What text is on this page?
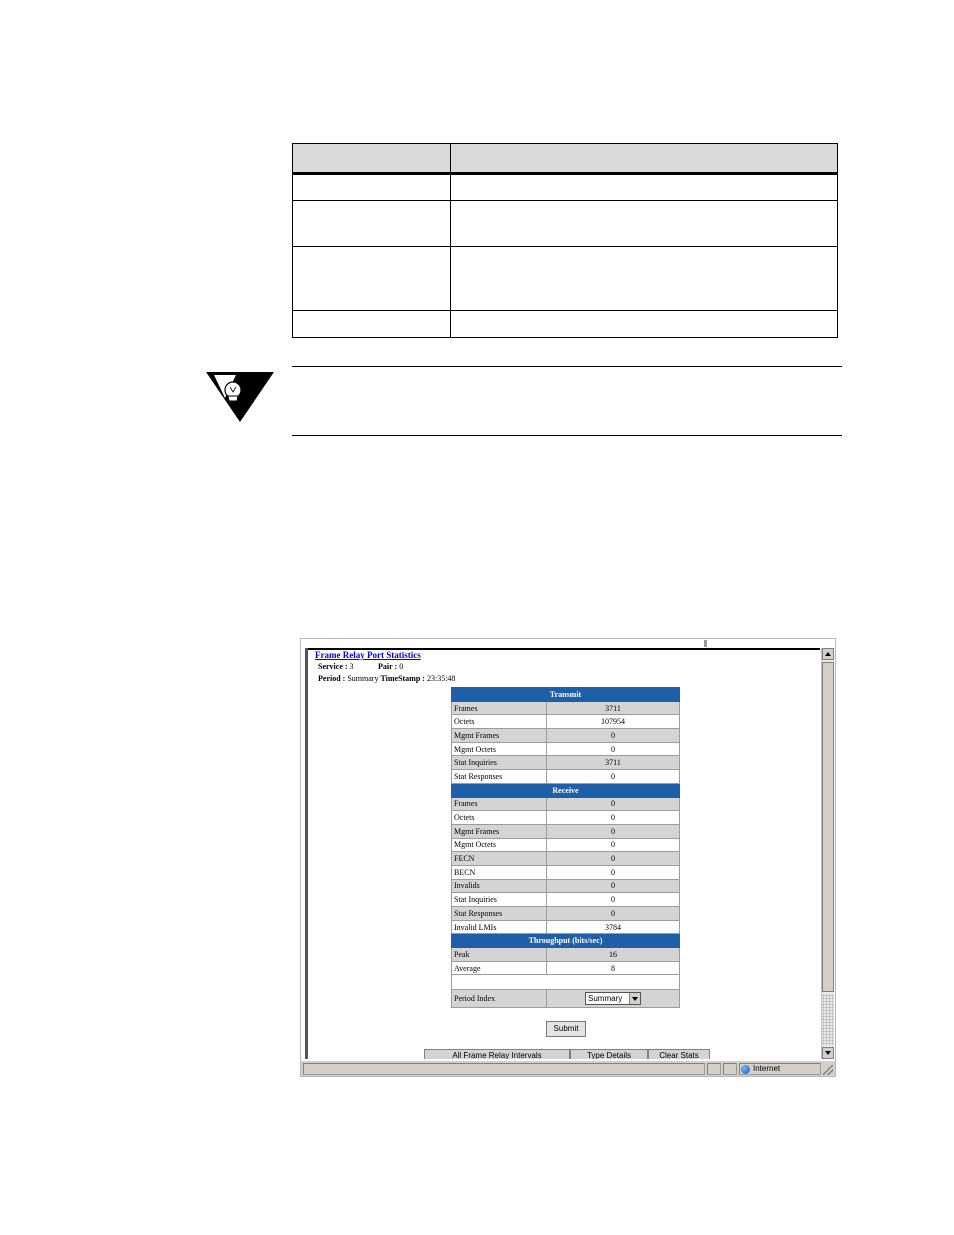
Frame Relay Port Statistics
Service : 3	Pair : 0
Period : Summary TimeStamp : 23:35:48
Transmit	
Frames	3711
Octets	107954
Mgmt Frames	0
Mgmt Octets	0
Stat Inquiries	3711
Stat Responses	0
Receive	
Frames	0
Octets	0
Mgmt Frames	0
Mgmt Octets	0
FECN	0
BECN	0
Invalids	0
Stat Inquiries	0
Stat Responses	0
Invalid LMIs	3784
Throughput (bits/sec)	
Peak	16
Average	8

Period Index	Summary
Submit
All Frame Relay Intervals	Type Details	Clear Stats
Internet
